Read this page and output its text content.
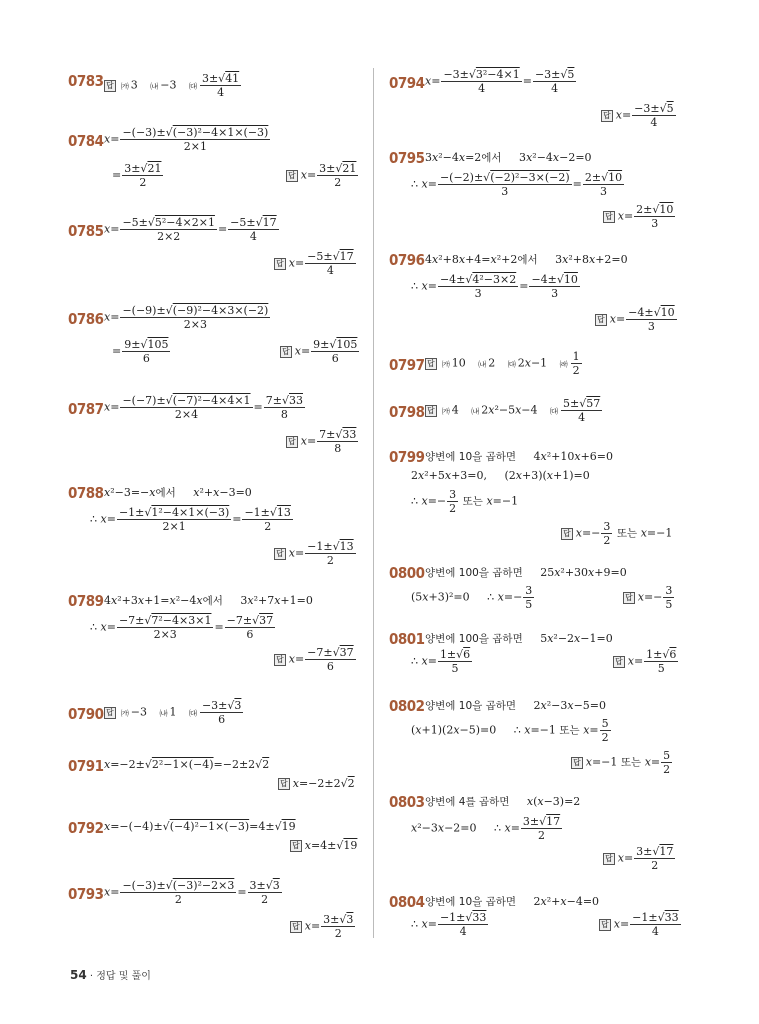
0783	답 ㈎ 3   ㈏ −3   ㈐ $\frac{3\pm√41}{4}$
0784 $x= \frac{\text{−(−3)±√(−3)²−4×1×(−3)}}{2\times 1}$
= $\frac{3\pm√21}{2}$	답 $x= \frac{3\pm√21}{2}$
0785 $x= \frac{\text{−5±√5²−4×2×1}}{2\times 2} = \frac{-5\pm√17}{4}$
답 $x= \frac{-5\pm√17}{4}$
0786 $x= \frac{\text{−(−9)±√(−9)²−4×3×(−2)}}{2\times 3}$
= $\frac{9\pm√105}{6}$	답 $x= \frac{9\pm√105}{6}$
0787 $x= \frac{\text{−(−7)±√(−7)²−4×4×1}}{2\times 4} = \frac{7\pm√33}{8}$
답 $x= \frac{7\pm√33}{8}$
0788 x²−3=−x에서 x²+x−3=0
∴ $x= \frac{\text{−1±√1²−4×1×(−3)}}{2\times 1} = \frac{-1\pm√13}{2}$
답 $x= \frac{-1\pm√13}{2}$
0789 4x²+3x+1=x²−4x에서     3x²+7x+1=0
∴ $x= \frac{\text{−7±√7²−4×3×1}}{2\times 3} = \frac{-7\pm√37}{6}$
답 $x= \frac{-7\pm√37}{6}$
0790	답 ㈎ −3   ㈏ 1   ㈐ $\frac{-3\pm√3}{6}$
0791 x=−2±√2²−1×(−4)=−2±2√2
답 x=−2±2√2
0792 x=−(−4)±√(−4)²−1×(−3)=4±√19
답 x=4±√19
0793 $x= \frac{\text{−(−3)±√(−3)²−2×3}}{2} = \frac{3\pm√3}{2}$
답 $x= \frac{3\pm√3}{2}$
0794 $x= \frac{\text{−3±√3²−4×1}}{4} = \frac{-3\pm√5}{4}$
답 $x= \frac{-3\pm√5}{4}$
0795 3x²−4x=2에서     3x²−4x−2=0
∴ $x= \frac{\text{−(−2)±√(−2)²−3×(−2)}}{3} = \frac{2\pm√10}{3}$
답 $x= \frac{2\pm√10}{3}$
0796 4x²+8x+4=x²+2에서     3x²+8x+2=0
∴ $x= \frac{\text{−4±√4²−3×2}}{3} = \frac{-4\pm√10}{3}$
답 $x= \frac{-4\pm√10}{3}$
0797	답 ㈎ 10   ㈏ 2   ㈐ 2x−1   ㈑ $\frac{1}{2}$
0798	답 ㈎ 4   ㈏ 2x²−5x−4   ㈐ $\frac{5\pm√57}{4}$
0799 양변에 10을 곱하면     4x²+10x+6=0
2x²+5x+3=0,     (2x+3)(x+1)=0
∴ $x=- \frac{3}{2}$ 또는 x=−1
답 $x=- \frac{3}{2}$ 또는 x=−1
0800 양변에 100을 곱하면     25x²+30x+9=0
(5x+3)²=0     ∴ $x=- \frac{3}{5}$	답 $x=- \frac{3}{5}$
0801 양변에 100을 곱하면     5x²−2x−1=0
∴ $x= \frac{1\pm√6}{5}$	답 $x= \frac{1\pm√6}{5}$
0802 양변에 10을 곱하면     2x²−3x−5=0
(x+1)(2x−5)=0     ∴ x=−1 또는 $x= \frac{5}{2}$
답 x=−1 또는 $x= \frac{5}{2}$
0803 양변에 4를 곱하면 x(x−3)=2
x²−3x−2=0     ∴ $x= \frac{3\pm√17}{2}$
답 $x= \frac{3\pm√17}{2}$
0804 양변에 10을 곱하면     2x²+x−4=0
∴ $x= \frac{-1\pm√33}{4}$	답 $x= \frac{-1\pm√33}{4}$
54 · 정답 및 풀이
